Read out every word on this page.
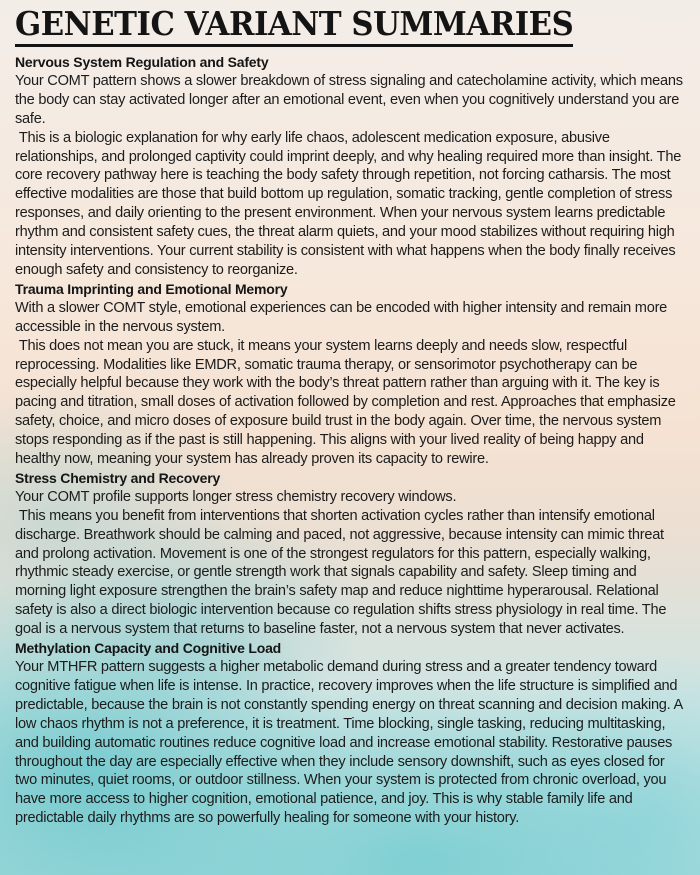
GENETIC VARIANT SUMMARIES
Nervous System Regulation and Safety

Your COMT pattern shows a slower breakdown of stress signaling and catecholamine activity, which means the body can stay activated longer after an emotional event, even when you cognitively understand you are safe.

This is a biologic explanation for why early life chaos, adolescent medication exposure, abusive relationships, and prolonged captivity could imprint deeply, and why healing required more than insight. The core recovery pathway here is teaching the body safety through repetition, not forcing catharsis. The most effective modalities are those that build bottom up regulation, somatic tracking, gentle completion of stress responses, and daily orienting to the present environment. When your nervous system learns predictable rhythm and consistent safety cues, the threat alarm quiets, and your mood stabilizes without requiring high intensity interventions. Your current stability is consistent with what happens when the body finally receives enough safety and consistency to reorganize.

Trauma Imprinting and Emotional Memory

With a slower COMT style, emotional experiences can be encoded with higher intensity and remain more accessible in the nervous system.

This does not mean you are stuck, it means your system learns deeply and needs slow, respectful reprocessing. Modalities like EMDR, somatic trauma therapy, or sensorimotor psychotherapy can be especially helpful because they work with the body’s threat pattern rather than arguing with it. The key is pacing and titration, small doses of activation followed by completion and rest. Approaches that emphasize safety, choice, and micro doses of exposure build trust in the body again. Over time, the nervous system stops responding as if the past is still happening. This aligns with your lived reality of being happy and healthy now, meaning your system has already proven its capacity to rewire.

Stress Chemistry and Recovery

Your COMT profile supports longer stress chemistry recovery windows.

This means you benefit from interventions that shorten activation cycles rather than intensify emotional discharge. Breathwork should be calming and paced, not aggressive, because intensity can mimic threat and prolong activation. Movement is one of the strongest regulators for this pattern, especially walking, rhythmic steady exercise, or gentle strength work that signals capability and safety. Sleep timing and morning light exposure strengthen the brain’s safety map and reduce nighttime hyperarousal. Relational safety is also a direct biologic intervention because co regulation shifts stress physiology in real time. The goal is a nervous system that returns to baseline faster, not a nervous system that never activates.

Methylation Capacity and Cognitive Load

Your MTHFR pattern suggests a higher metabolic demand during stress and a greater tendency toward cognitive fatigue when life is intense. In practice, recovery improves when the life structure is simplified and predictable, because the brain is not constantly spending energy on threat scanning and decision making. A low chaos rhythm is not a preference, it is treatment. Time blocking, single tasking, reducing multitasking, and building automatic routines reduce cognitive load and increase emotional stability. Restorative pauses throughout the day are especially effective when they include sensory downshift, such as eyes closed for two minutes, quiet rooms, or outdoor stillness. When your system is protected from chronic overload, you have more access to higher cognition, emotional patience, and joy. This is why stable family life and predictable daily rhythms are so powerfully healing for someone with your history.
